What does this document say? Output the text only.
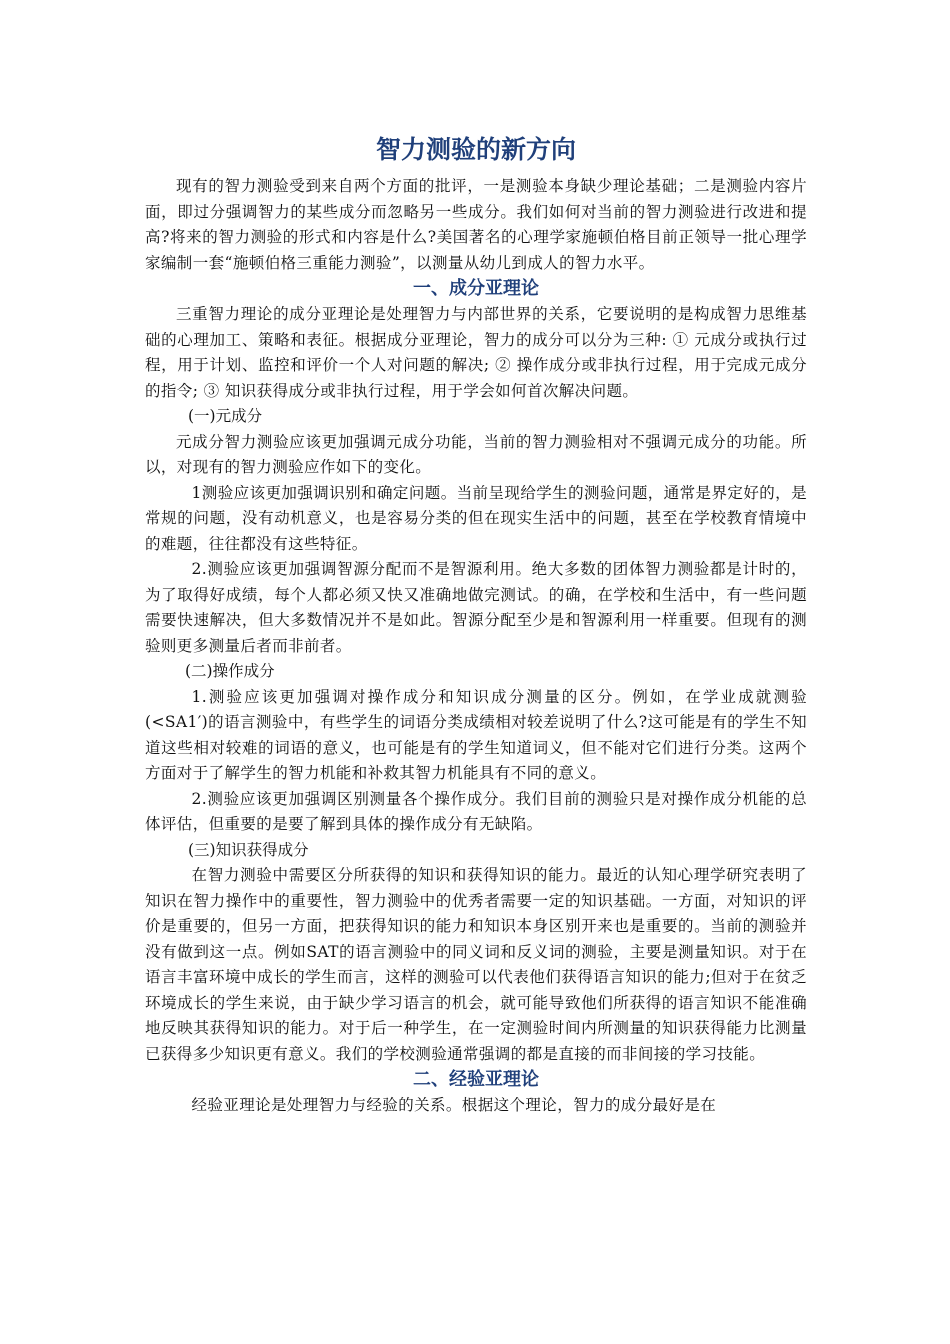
智力测验的新方向

现有的智力测验受到来自两个方面的批评，一是测验本身缺少理论基础；二是测验内容片面，即过分强调智力的某些成分而忽略另一些成分。我们如何对当前的智力测验进行改进和提高?将来的智力测验的形式和内容是什么?美国著名的心理学家施顿伯格目前正领导一批心理学家编制一套“施顿伯格三重能力测验”，以测量从幼儿到成人的智力水平。

一、成分亚理论

三重智力理论的成分亚理论是处理智力与内部世界的关系，它要说明的是构成智力思维基础的心理加工、策略和表征。根据成分亚理论，智力的成分可以分为三种: ① 元成分或执行过程，用于计划、监控和评价一个人对问题的解决; ② 操作成分或非执行过程，用于完成元成分的指令; ③ 知识获得成分或非执行过程，用于学会如何首次解决问题。

(一)元成分

元成分智力测验应该更加强调元成分功能，当前的智力测验相对不强调元成分的功能。所以，对现有的智力测验应作如下的变化。

1测验应该更加强调识别和确定问题。当前呈现给学生的测验问题，通常是界定好的，是常规的问题，没有动机意义，也是容易分类的但在现实生活中的问题，甚至在学校教育情境中的难题，往往都没有这些特征。

2.测验应该更加强调智源分配而不是智源利用。绝大多数的团体智力测验都是计时的，为了取得好成绩，每个人都必须又快又准确地做完测试。的确，在学校和生活中，有一些问题需要快速解决，但大多数情况并不是如此。智源分配至少是和智源利用一样重要。但现有的测验则更多测量后者而非前者。

(二)操作成分

1.测验应该更加强调对操作成分和知识成分测量的区分。例如，在学业成就测验(<SA1′)的语言测验中，有些学生的词语分类成绩相对较差说明了什么?这可能是有的学生不知道这些相对较难的词语的意义，也可能是有的学生知道词义，但不能对它们进行分类。这两个方面对于了解学生的智力机能和补救其智力机能具有不同的意义。

2.测验应该更加强调区别测量各个操作成分。我们目前的测验只是对操作成分机能的总体评估，但重要的是要了解到具体的操作成分有无缺陷。

(三)知识获得成分

在智力测验中需要区分所获得的知识和获得知识的能力。最近的认知心理学研究表明了知识在智力操作中的重要性，智力测验中的优秀者需要一定的知识基础。一方面，对知识的评价是重要的，但另一方面，把获得知识的能力和知识本身区别开来也是重要的。当前的测验并没有做到这一点。例如SAT的语言测验中的同义词和反义词的测验，主要是测量知识。对于在语言丰富环境中成长的学生而言，这样的测验可以代表他们获得语言知识的能力;但对于在贫乏环境成长的学生来说，由于缺少学习语言的机会，就可能导致他们所获得的语言知识不能准确地反映其获得知识的能力。对于后一种学生，在一定测验时间内所测量的知识获得能力比测量已获得多少知识更有意义。我们的学校测验通常强调的都是直接的而非间接的学习技能。

二、经验亚理论

经验亚理论是处理智力与经验的关系。根据这个理论，智力的成分最好是在
